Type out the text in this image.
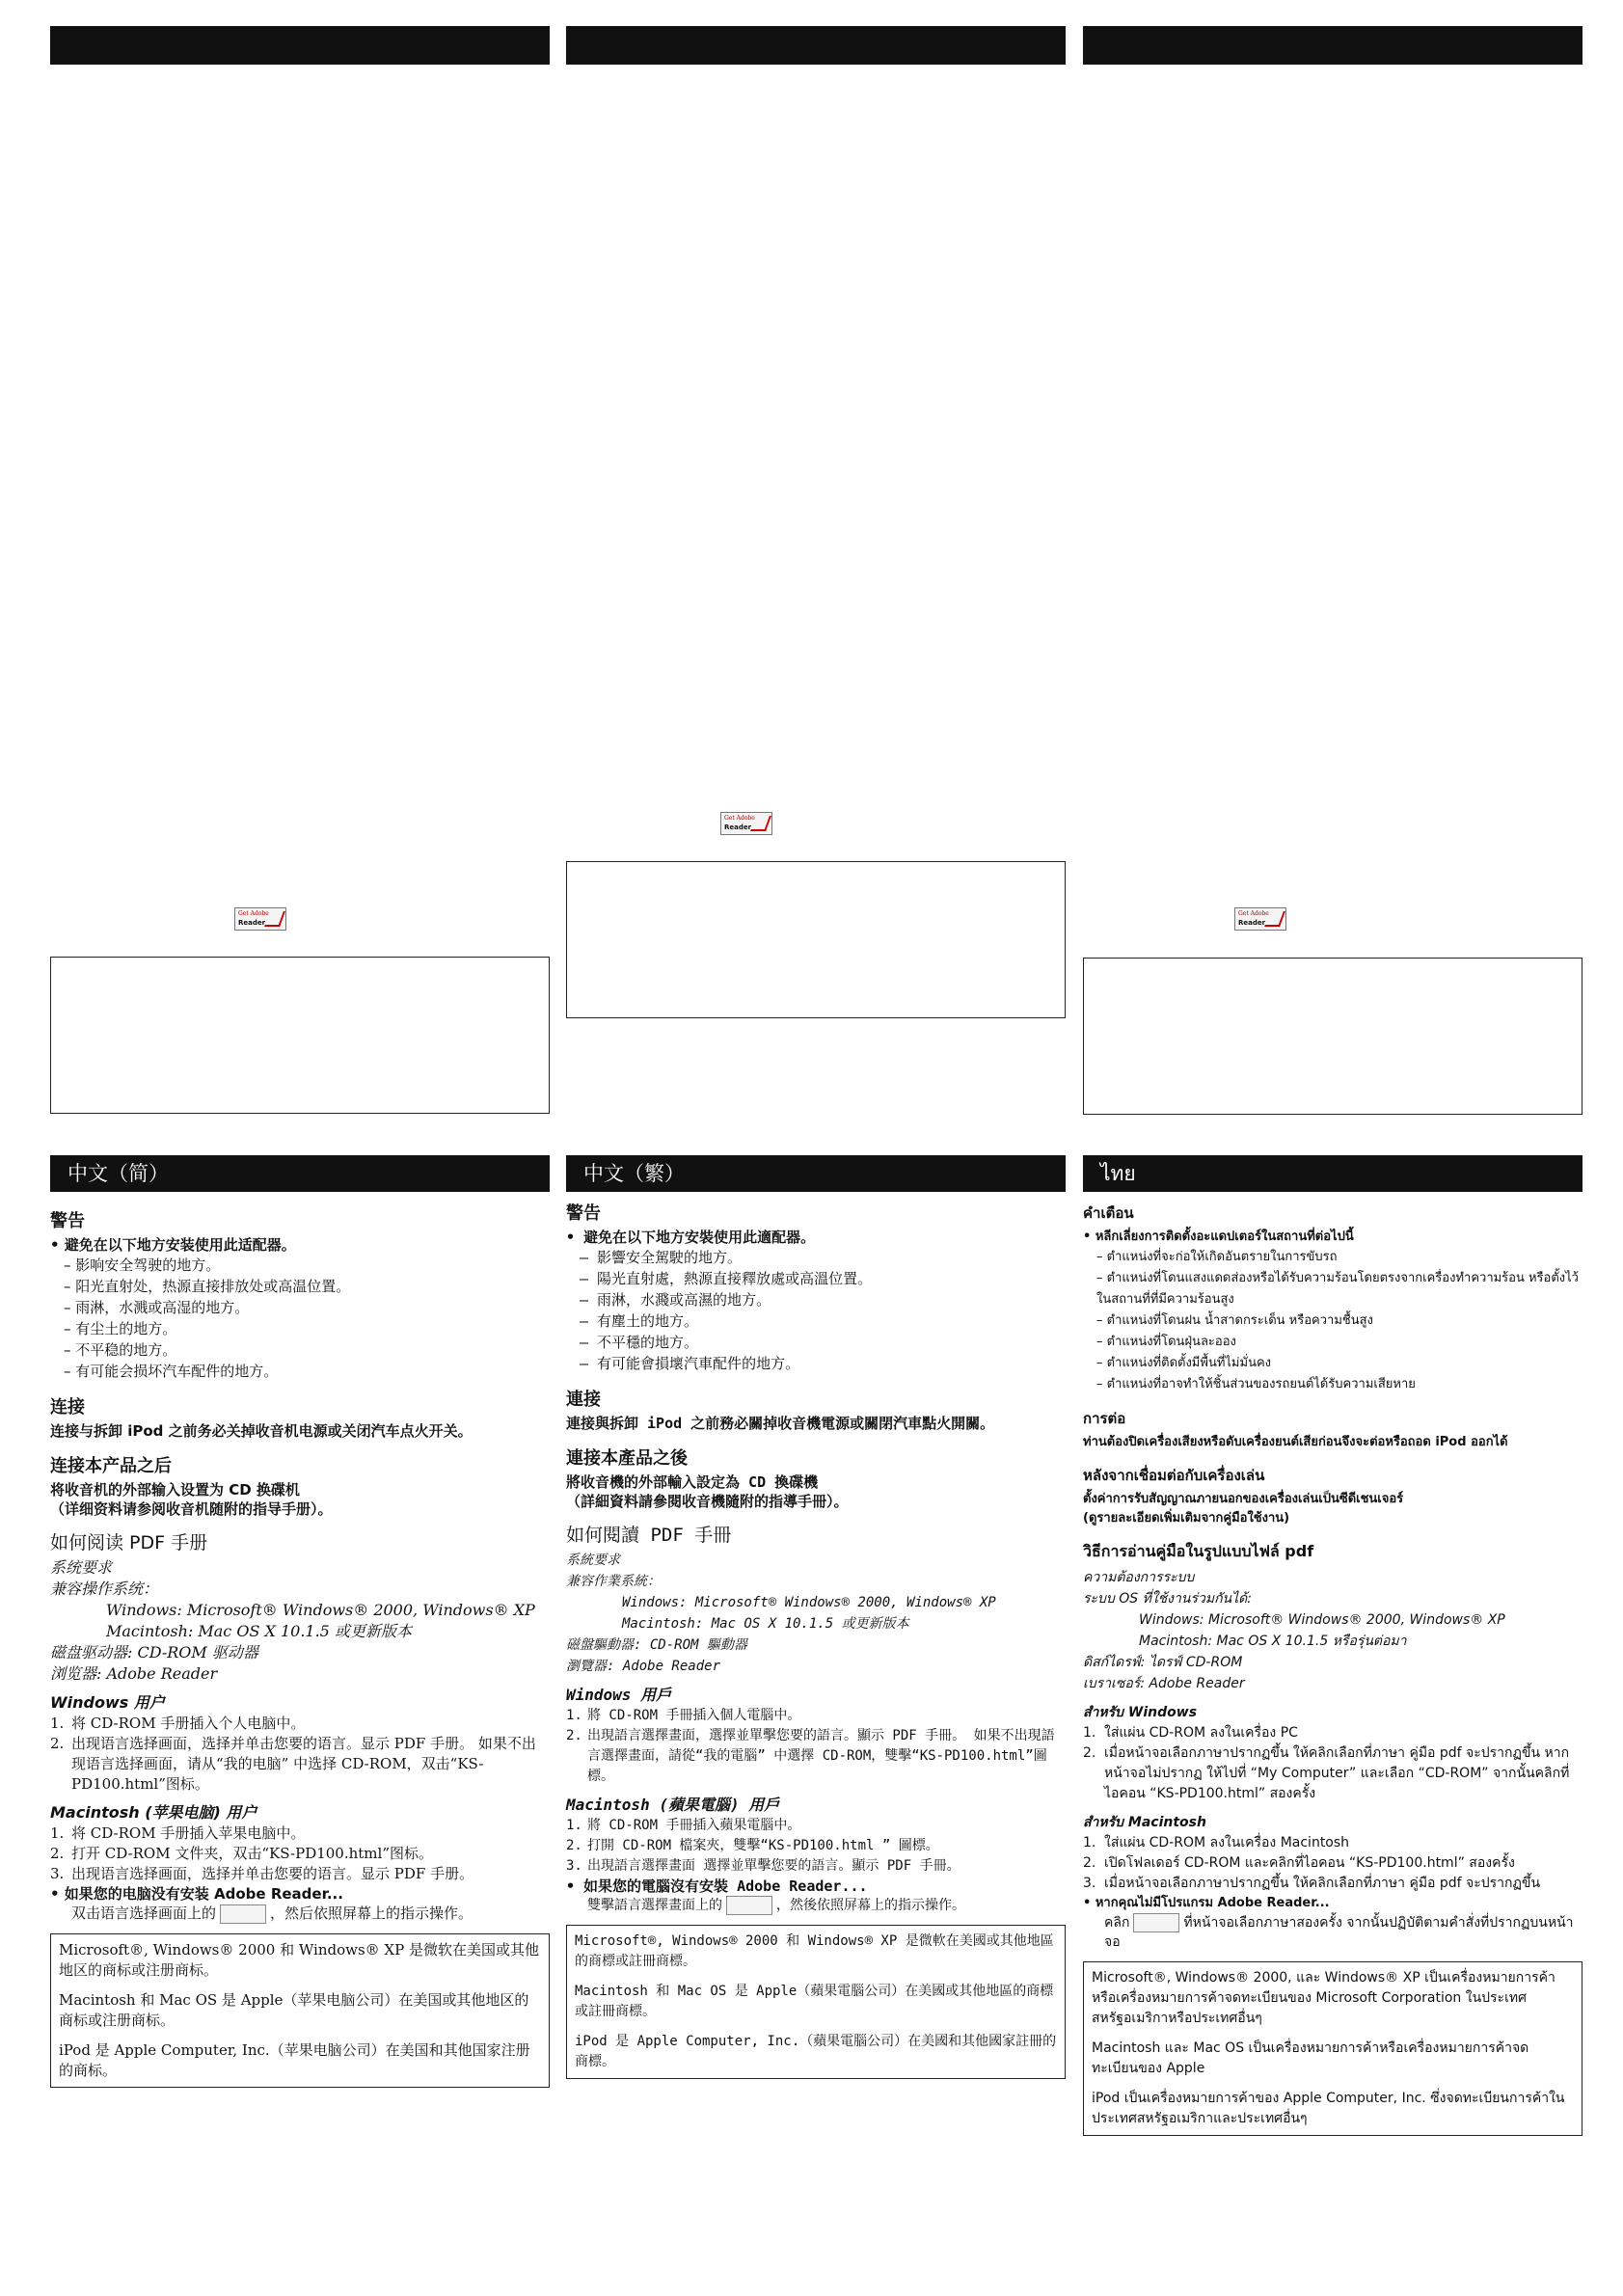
Get Adobe
Reader
Get Adobe
Reader
Get Adobe
Reader
中文（简）
警告
• 避免在以下地方安装使用此适配器。
– 影响安全驾驶的地方。
– 阳光直射处，热源直接排放处或高温位置。
– 雨淋，水溅或高湿的地方。
– 有尘土的地方。
– 不平稳的地方。
– 有可能会损坏汽车配件的地方。
连接
连接与拆卸 iPod 之前务必关掉收音机电源或关闭汽车点火开关。
连接本产品之后
将收音机的外部输入设置为 CD 换碟机
（详细资料请参阅收音机随附的指导手册）。
如何阅读 PDF 手册
系统要求
兼容操作系统：
Windows: Microsoft® Windows® 2000, Windows® XP
Macintosh: Mac OS X 10.1.5 或更新版本
磁盘驱动器: CD-ROM 驱动器
浏览器: Adobe Reader
Windows 用户
1. 将 CD-ROM 手册插入个人电脑中。
2. 出现语言选择画面，选择并单击您要的语言。显示 PDF 手册。 如果不出现语言选择画面，请从“我的电脑” 中选择 CD-ROM，双击“KS-PD100.html”图标。
Macintosh (苹果电脑) 用户
1. 将 CD-ROM 手册插入苹果电脑中。
2. 打开 CD-ROM 文件夹，双击“KS-PD100.html”图标。
3. 出现语言选择画面，选择并单击您要的语言。显示 PDF 手册。
• 如果您的电脑没有安装 Adobe Reader...
双击语言选择画面上的	，然后依照屏幕上的指示操作。

Microsoft®, Windows® 2000 和 Windows® XP 是微软在美国或其他地区的商标或注册商标。

Macintosh 和 Mac OS 是 Apple（苹果电脑公司）在美国或其他地区的商标或注册商标。

iPod 是 Apple Computer, Inc.（苹果电脑公司）在美国和其他国家注册的商标。

中文（繁）
警告
• 避免在以下地方安裝使用此適配器。
– 影響安全駕駛的地方。
– 陽光直射處，熱源直接釋放處或高溫位置。
– 雨淋，水濺或高濕的地方。
– 有塵土的地方。
– 不平穩的地方。
– 有可能會損壞汽車配件的地方。
連接
連接與拆卸 iPod 之前務必關掉收音機電源或關閉汽車點火開關。
連接本產品之後
將收音機的外部輸入設定為 CD 換碟機
（詳細資料請參閱收音機隨附的指導手冊）。
如何閱讀 PDF 手冊
系統要求
兼容作業系統：
Windows: Microsoft® Windows® 2000, Windows® XP
Macintosh: Mac OS X 10.1.5 或更新版本
磁盤驅動器: CD-ROM 驅動器
瀏覽器: Adobe Reader
Windows 用戶
1. 將 CD-ROM 手冊插入個人電腦中。
2. 出現語言選擇畫面，選擇並單擊您要的語言。顯示 PDF 手冊。 如果不出現語言選擇畫面，請從“我的電腦” 中選擇 CD-ROM，雙擊“KS-PD100.html”圖標。
Macintosh (蘋果電腦) 用戶
1. 將 CD-ROM 手冊插入蘋果電腦中。
2. 打開 CD-ROM 檔案夾，雙擊“KS-PD100.html ” 圖標。
3. 出現語言選擇畫面 選擇並單擊您要的語言。顯示 PDF 手冊。
• 如果您的電腦沒有安裝 Adobe Reader...
雙擊語言選擇畫面上的	，然後依照屏幕上的指示操作。

Microsoft®, Windows® 2000 和 Windows® XP 是微軟在美國或其他地區的商標或註冊商標。

Macintosh 和 Mac OS 是 Apple（蘋果電腦公司）在美國或其他地區的商標或註冊商標。

iPod 是 Apple Computer, Inc.（蘋果電腦公司）在美國和其他國家註冊的商標。

ไทย
คำเตือน
• หลีกเลี่ยงการติดตั้งอะแดปเตอร์ในสถานที่ต่อไปนี้
– ตำแหน่งที่จะก่อให้เกิดอันตรายในการขับรถ
– ตำแหน่งที่โดนแสงแดดส่องหรือได้รับความร้อนโดยตรงจากเครื่องทำความร้อน หรือตั้งไว้ในสถานที่ที่มีความร้อนสูง
– ตำแหน่งที่โดนฝน น้ำสาดกระเด็น หรือความชื้นสูง
– ตำแหน่งที่โดนฝุ่นละออง
– ตำแหน่งที่ติดตั้งมีพื้นที่ไม่มั่นคง
– ตำแหน่งที่อาจทำให้ชิ้นส่วนของรถยนต์ได้รับความเสียหาย
การต่อ
ท่านต้องปิดเครื่องเสียงหรือดับเครื่องยนต์เสียก่อนจึงจะต่อหรือถอด iPod ออกได้
หลังจากเชื่อมต่อกับเครื่องเล่น
ตั้งค่าการรับสัญญาณภายนอกของเครื่องเล่นเป็นซีดีเชนเจอร์
(ดูรายละเอียดเพิ่มเติมจากคู่มือใช้งาน)
วิธีการอ่านคู่มือในรูปแบบไฟล์ pdf
ความต้องการระบบ
ระบบ OS ที่ใช้งานร่วมกันได้:
Windows: Microsoft® Windows® 2000, Windows® XP
Macintosh: Mac OS X 10.1.5 หรือรุ่นต่อมา
ดิสก์ไดรฟ์: ไดรฟ์ CD-ROM
เบราเซอร์: Adobe Reader
สำหรับ Windows
1. ใส่แผ่น CD-ROM ลงในเครื่อง PC
2. เมื่อหน้าจอเลือกภาษาปรากฏขึ้น ให้คลิกเลือกที่ภาษา คู่มือ pdf จะปรากฏขึ้น หากหน้าจอไม่ปรากฏ ให้ไปที่ “My Computer” และเลือก “CD-ROM” จากนั้นคลิกที่ไอคอน “KS-PD100.html” สองครั้ง
สำหรับ Macintosh
1. ใส่แผ่น CD-ROM ลงในเครื่อง Macintosh
2. เปิดโฟลเดอร์ CD-ROM และคลิกที่ไอคอน “KS-PD100.html” สองครั้ง
3. เมื่อหน้าจอเลือกภาษาปรากฏขึ้น ให้คลิกเลือกที่ภาษา คู่มือ pdf จะปรากฏขึ้น
• หากคุณไม่มีโปรแกรม Adobe Reader...
คลิก	ที่หน้าจอเลือกภาษาสองครั้ง จากนั้นปฏิบัติตามคำสั่งที่ปรากฏบนหน้าจอ

Microsoft®, Windows® 2000, และ Windows® XP เป็นเครื่องหมายการค้าหรือเครื่องหมายการค้าจดทะเบียนของ Microsoft Corporation ในประเทศสหรัฐอเมริกาหรือประเทศอื่นๆ

Macintosh และ Mac OS เป็นเครื่องหมายการค้าหรือเครื่องหมายการค้าจดทะเบียนของ Apple

iPod เป็นเครื่องหมายการค้าของ Apple Computer, Inc. ซึ่งจดทะเบียนการค้าในประเทศสหรัฐอเมริกาและประเทศอื่นๆ
